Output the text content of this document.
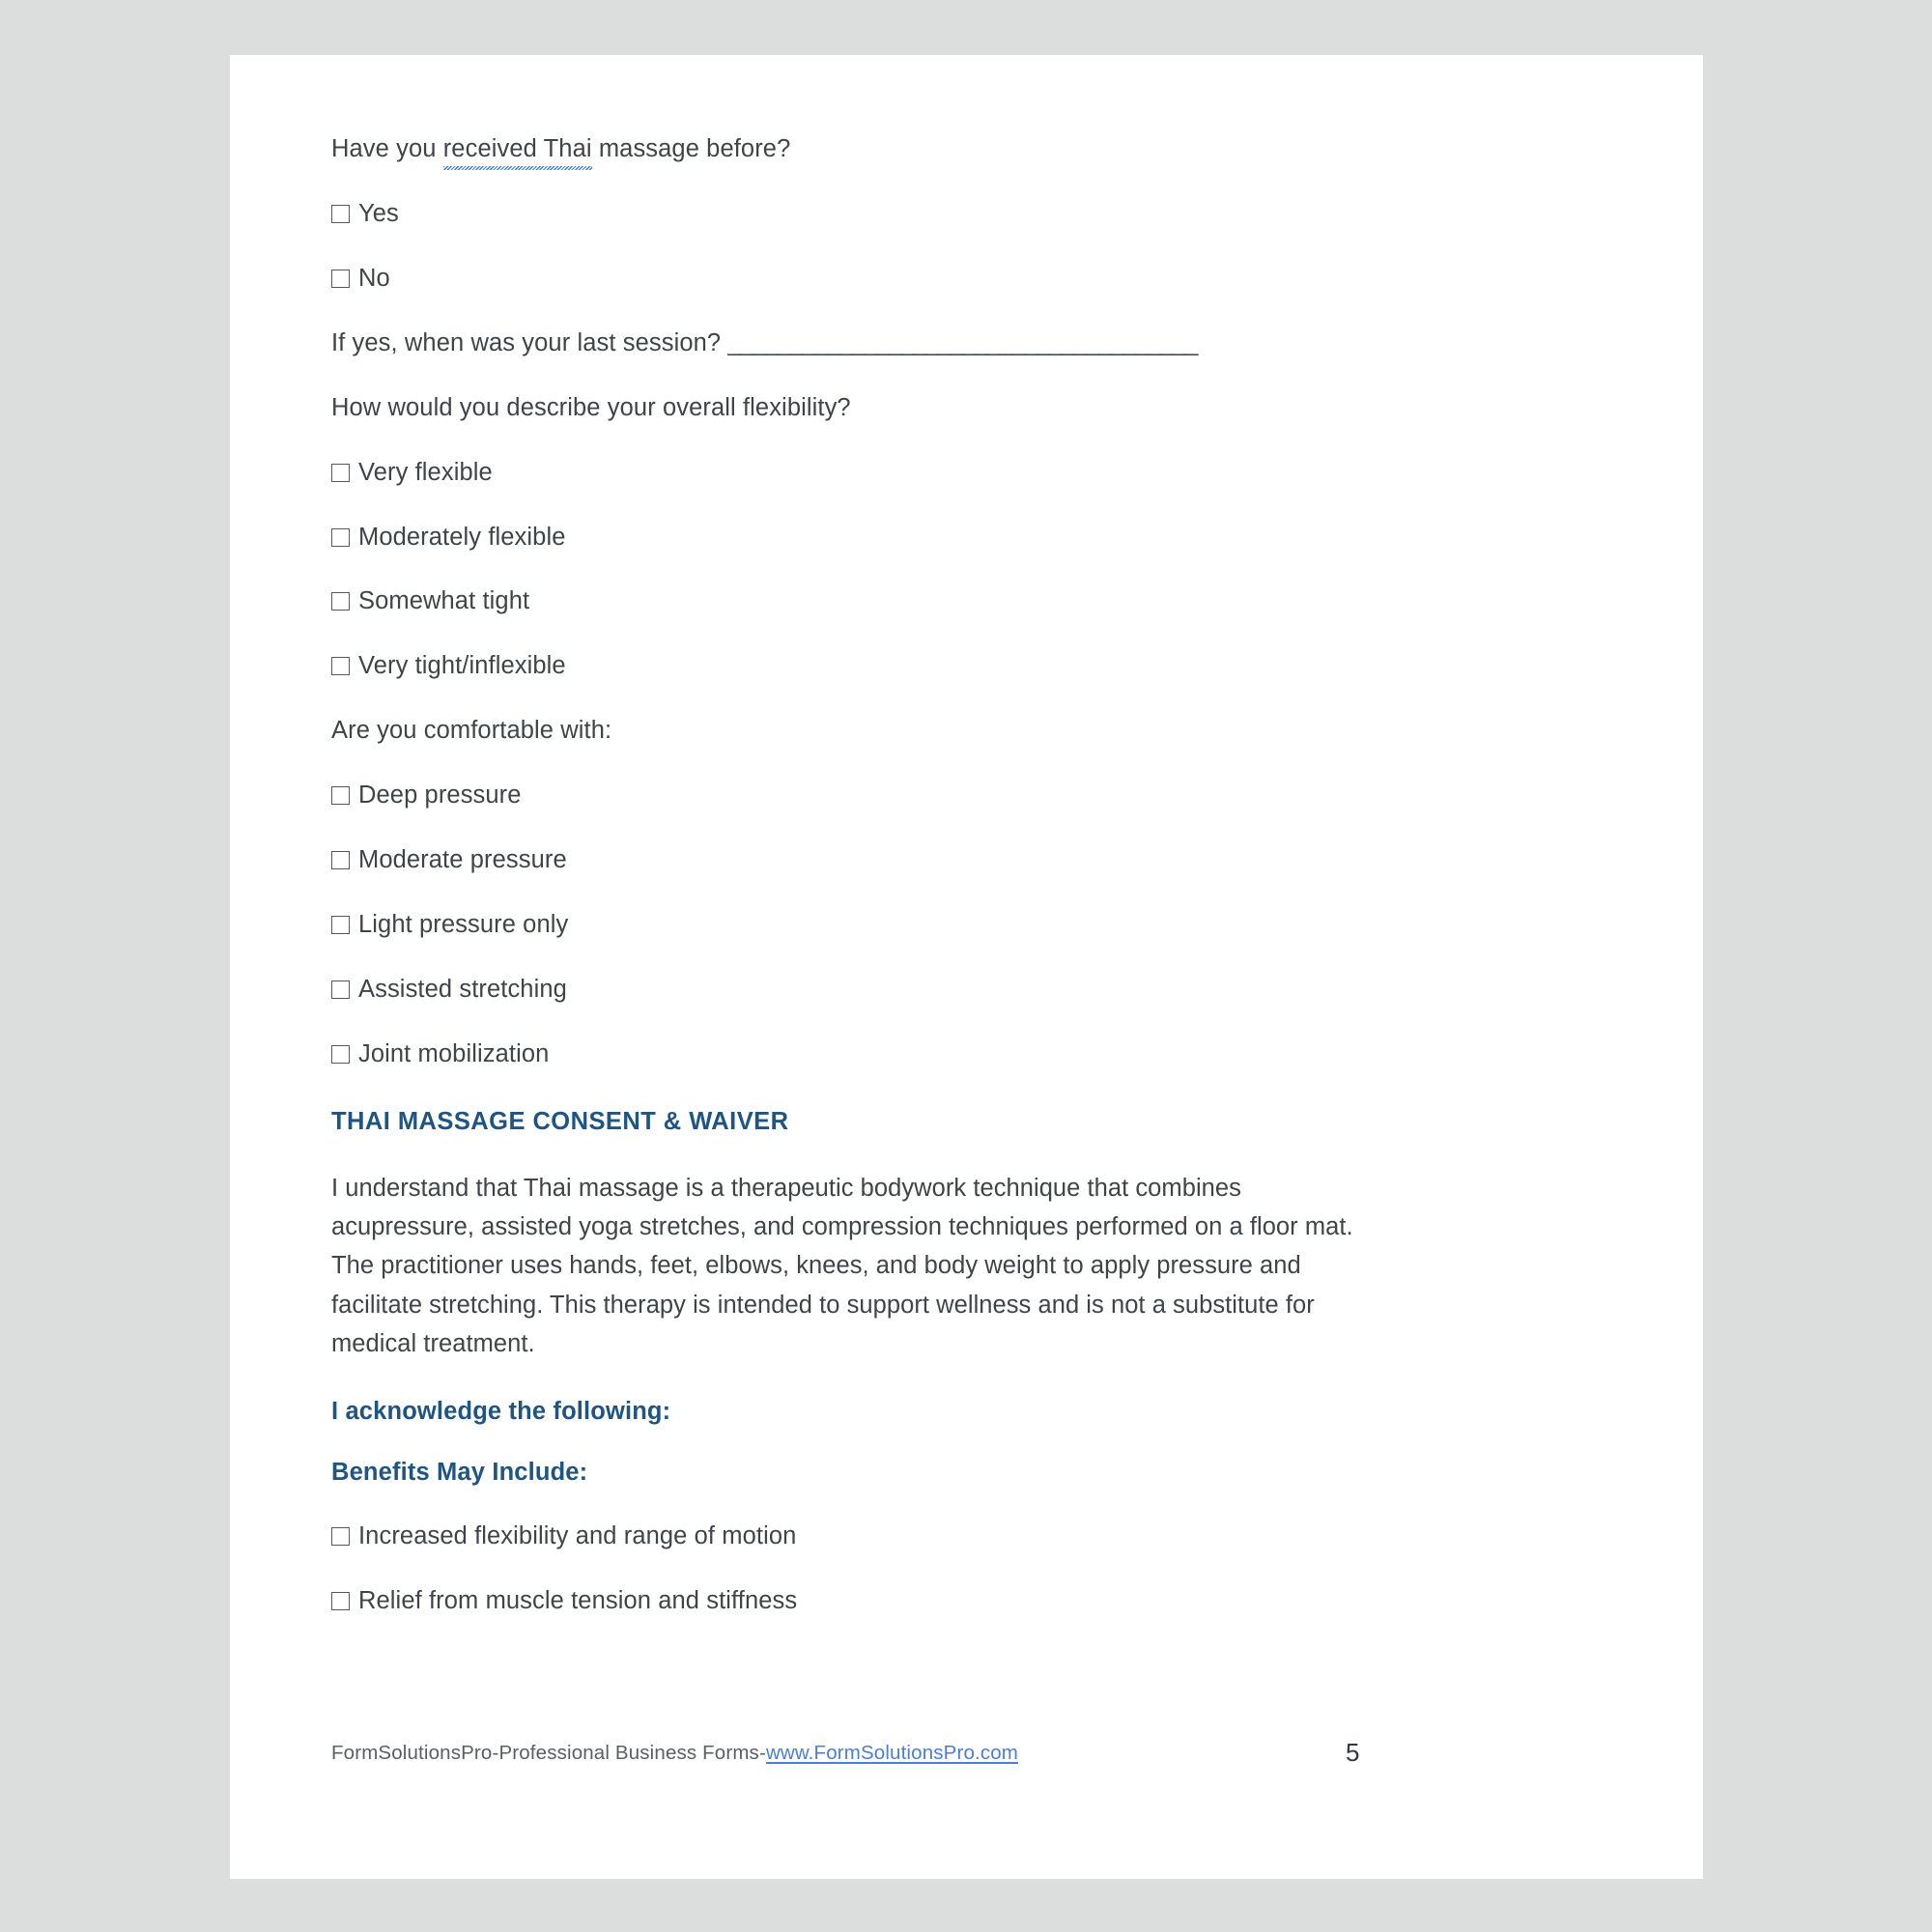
Have you received Thai massage before?

Yes

No

If yes, when was your last session? ______________________________________

How would you describe your overall flexibility?

Very flexible

Moderately flexible

Somewhat tight

Very tight/inflexible

Are you comfortable with:

Deep pressure

Moderate pressure

Light pressure only

Assisted stretching

Joint mobilization

THAI MASSAGE CONSENT & WAIVER

I understand that Thai massage is a therapeutic bodywork technique that combines acupressure, assisted yoga stretches, and compression techniques performed on a floor mat. The practitioner uses hands, feet, elbows, knees, and body weight to apply pressure and facilitate stretching. This therapy is intended to support wellness and is not a substitute for medical treatment.

I acknowledge the following:
Benefits May Include:

Increased flexibility and range of motion

Relief from muscle tension and stiffness

FormSolutionsPro - Professional Business Forms - www.FormSolutionsPro.com	5
